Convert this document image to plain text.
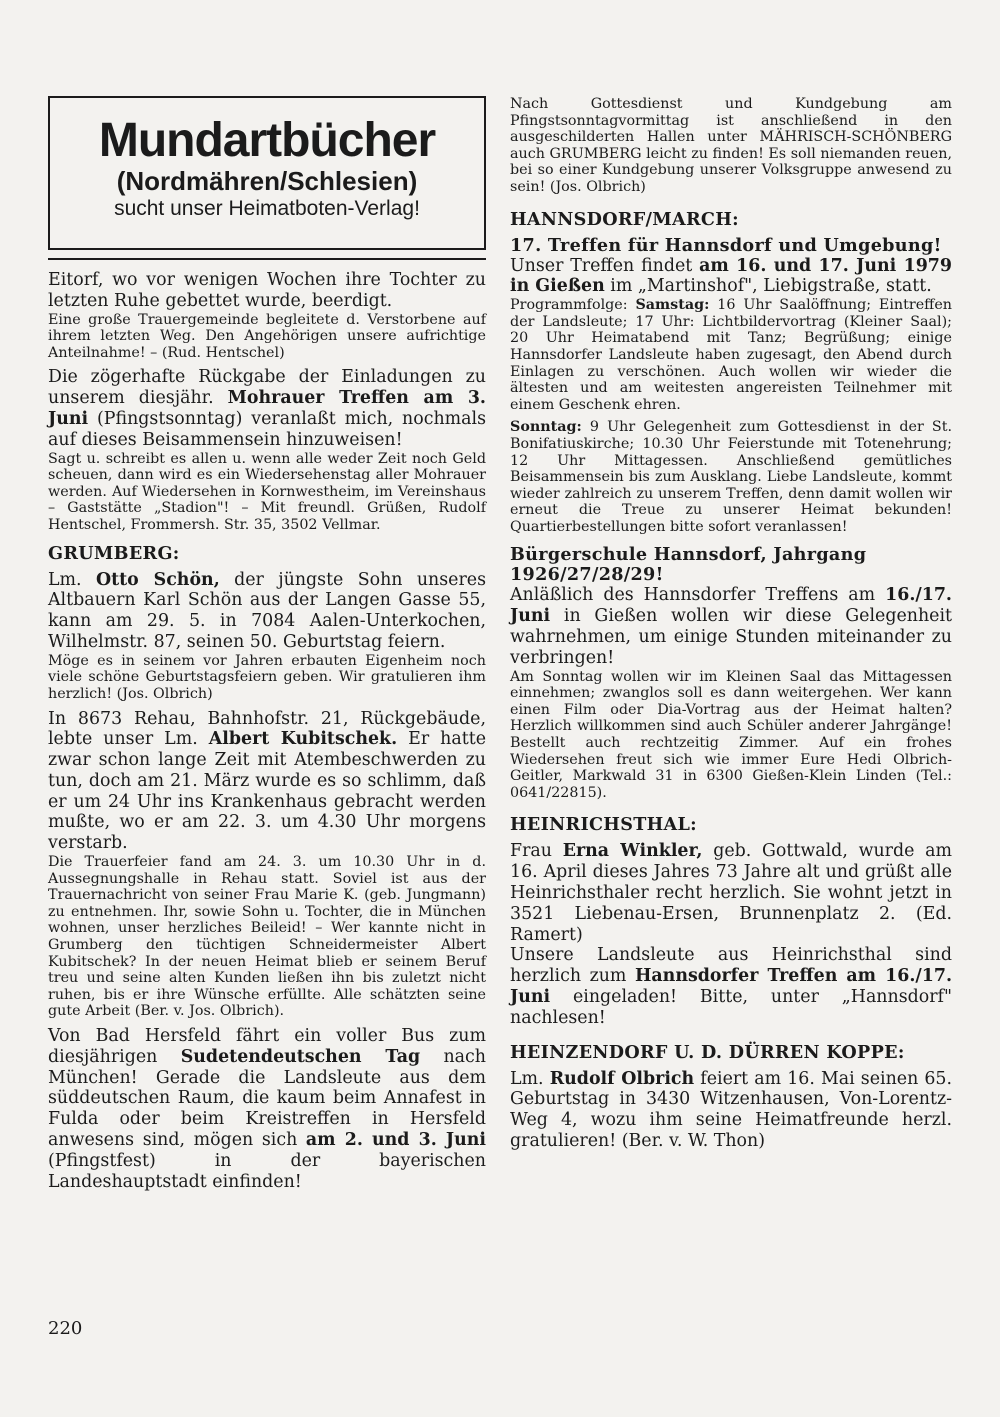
Mundartbücher
(Nordmähren/Schlesien)

sucht unser Heimatboten-Verlag!

Eitorf, wo vor wenigen Wochen ihre Tochter zu letzten Ruhe gebettet wurde, beerdigt.

Eine große Trauergemeinde begleitete d. Verstorbene auf ihrem letzten Weg. Den Angehörigen unsere aufrichtige Anteilnahme! – (Rud. Hentschel)

Die zögerhafte Rückgabe der Einladungen zu unserem diesjähr. Mohrauer Treffen am 3. Juni (Pfingstsonntag) veranlaßt mich, nochmals auf dieses Beisammensein hinzuweisen!

Sagt u. schreibt es allen u. wenn alle weder Zeit noch Geld scheuen, dann wird es ein Wiedersehenstag aller Mohrauer werden. Auf Wiedersehen in Kornwestheim, im Vereinshaus – Gaststätte „Stadion"! – Mit freundl. Grüßen, Rudolf Hentschel, Frommersh. Str. 35, 3502 Vellmar.

GRUMBERG:

Lm. Otto Schön, der jüngste Sohn unseres Altbauern Karl Schön aus der Langen Gasse 55, kann am 29. 5. in 7084 Aalen-Unterkochen, Wilhelmstr. 87, seinen 50. Geburtstag feiern.

Möge es in seinem vor Jahren erbauten Eigenheim noch viele schöne Geburtstagsfeiern geben. Wir gratulieren ihm herzlich! (Jos. Olbrich)

In 8673 Rehau, Bahnhofstr. 21, Rückgebäude, lebte unser Lm. Albert Kubitschek. Er hatte zwar schon lange Zeit mit Atembeschwerden zu tun, doch am 21. März wurde es so schlimm, daß er um 24 Uhr ins Krankenhaus gebracht werden mußte, wo er am 22. 3. um 4.30 Uhr morgens verstarb.

Die Trauerfeier fand am 24. 3. um 10.30 Uhr in d. Aussegnungshalle in Rehau statt. Soviel ist aus der Trauernachricht von seiner Frau Marie K. (geb. Jungmann) zu entnehmen. Ihr, sowie Sohn u. Tochter, die in München wohnen, unser herzliches Beileid! – Wer kannte nicht in Grumberg den tüchtigen Schneidermeister Albert Kubitschek? In der neuen Heimat blieb er seinem Beruf treu und seine alten Kunden ließen ihn bis zuletzt nicht ruhen, bis er ihre Wünsche erfüllte. Alle schätzten seine gute Arbeit (Ber. v. Jos. Olbrich).

Von Bad Hersfeld fährt ein voller Bus zum diesjährigen Sudetendeutschen Tag nach München! Gerade die Landsleute aus dem süddeutschen Raum, die kaum beim Annafest in Fulda oder beim Kreistreffen in Hersfeld anwesens sind, mögen sich am 2. und 3. Juni (Pfingstfest) in der bayerischen Landeshauptstadt einfinden!

Nach Gottesdienst und Kundgebung am Pfingstsonntagvormittag ist anschließend in den ausgeschilderten Hallen unter MÄHRISCH-SCHÖNBERG auch GRUMBERG leicht zu finden! Es soll niemanden reuen, bei so einer Kundgebung unserer Volksgruppe anwesend zu sein! (Jos. Olbrich)

HANNSDORF/MARCH:
17. Treffen für Hannsdorf und Umgebung!

Unser Treffen findet am 16. und 17. Juni 1979 in Gießen im „Martinshof", Liebigstraße, statt.

Programmfolge: Samstag: 16 Uhr Saalöffnung; Eintreffen der Landsleute; 17 Uhr: Lichtbildervortrag (Kleiner Saal); 20 Uhr Heimatabend mit Tanz; Begrüßung; einige Hannsdorfer Landsleute haben zugesagt, den Abend durch Einlagen zu verschönen. Auch wollen wir wieder die ältesten und am weitesten angereisten Teilnehmer mit einem Geschenk ehren.

Sonntag: 9 Uhr Gelegenheit zum Gottesdienst in der St. Bonifatiuskirche; 10.30 Uhr Feierstunde mit Totenehrung; 12 Uhr Mittagessen. Anschließend gemütliches Beisammensein bis zum Ausklang. Liebe Landsleute, kommt wieder zahlreich zu unserem Treffen, denn damit wollen wir erneut die Treue zu unserer Heimat bekunden! Quartierbestellungen bitte sofort veranlassen!

Bürgerschule Hannsdorf, Jahrgang 1926/27/28/29!

Anläßlich des Hannsdorfer Treffens am 16./17. Juni in Gießen wollen wir diese Gelegenheit wahrnehmen, um einige Stunden miteinander zu verbringen!

Am Sonntag wollen wir im Kleinen Saal das Mittagessen einnehmen; zwanglos soll es dann weitergehen. Wer kann einen Film oder Dia-Vortrag aus der Heimat halten? Herzlich willkommen sind auch Schüler anderer Jahrgänge! Bestellt auch rechtzeitig Zimmer. Auf ein frohes Wiedersehen freut sich wie immer Eure Hedi Olbrich-Geitler, Markwald 31 in 6300 Gießen-Klein Linden (Tel.: 0641/22815).

HEINRICHSTHAL:

Frau Erna Winkler, geb. Gottwald, wurde am 16. April dieses Jahres 73 Jahre alt und grüßt alle Heinrichsthaler recht herzlich. Sie wohnt jetzt in 3521 Liebenau-Ersen, Brunnenplatz 2. (Ed. Ramert)

Unsere Landsleute aus Heinrichsthal sind herzlich zum Hannsdorfer Treffen am 16./17. Juni eingeladen! Bitte, unter „Hannsdorf" nachlesen!

HEINZENDORF U. D. DÜRREN KOPPE:

Lm. Rudolf Olbrich feiert am 16. Mai seinen 65. Geburtstag in 3430 Witzenhausen, Von-Lorentz-Weg 4, wozu ihm seine Heimatfreunde herzl. gratulieren! (Ber. v. W. Thon)

220
